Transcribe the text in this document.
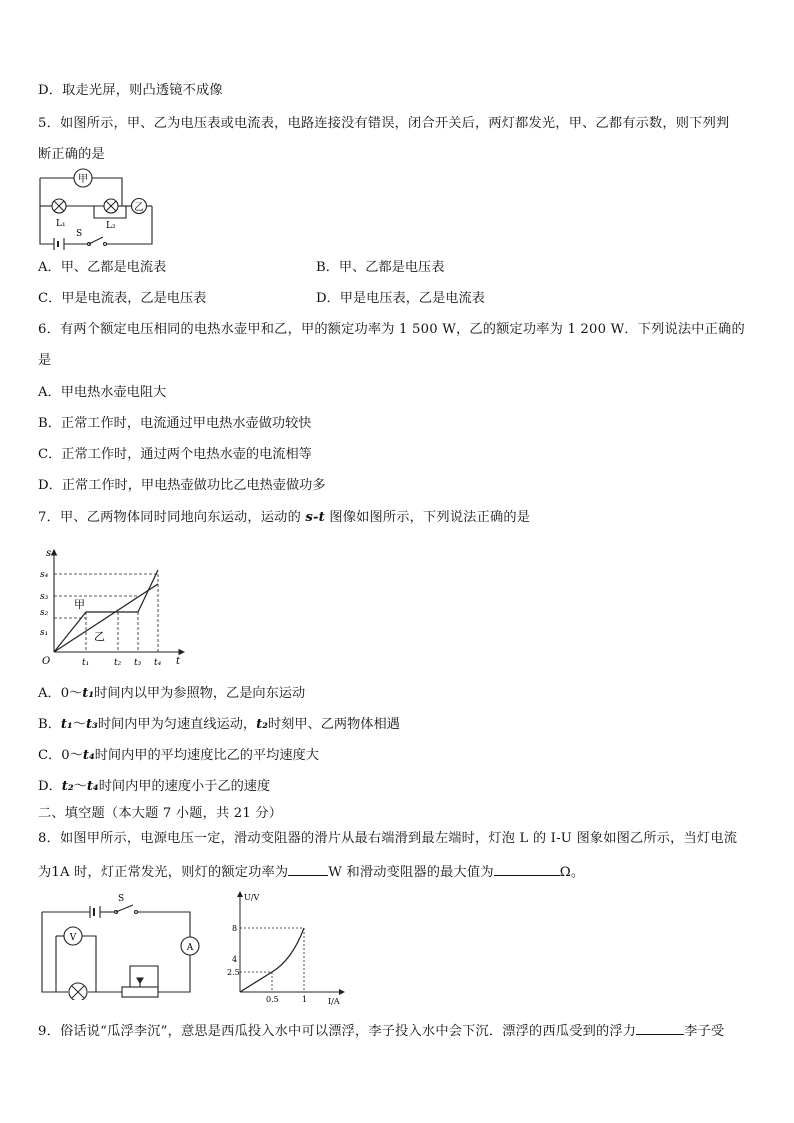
D．取走光屏，则凸透镜不成像
5．如图所示，甲、乙为电压表或电流表，电路连接没有错误，闭合开关后，两灯都发光，甲、乙都有示数，则下列判
断正确的是
甲
L₁	L₂
乙
S
A．甲、乙都是电流表	B．甲、乙都是电压表
C．甲是电流表，乙是电压表	D．甲是电压表，乙是电流表
6．有两个额定电压相同的电热水壶甲和乙，甲的额定功率为 1 500 W，乙的额定功率为 1 200 W．下列说法中正确的
是
A．甲电热水壶电阻大
B．正常工作时，电流通过甲电热水壶做功较快
C．正常工作时，通过两个电热水壶的电流相等
D．正常工作时，甲电热壶做功比乙电热壶做功多
7．甲、乙两物体同时同地向东运动，运动的 s-t 图像如图所示，下列说法正确的是
s
t
O
s₄
s₃
s₂
s₁
t₁	t₂ t₃ t₄
甲
乙
A．0～t₁时间内以甲为参照物，乙是向东运动
B．t₁～t₃时间内甲为匀速直线运动，t₂时刻甲、乙两物体相遇
C．0～t₄时间内甲的平均速度比乙的平均速度大
D．t₂～t₄时间内甲的速度小于乙的速度
二、填空题（本大题 7 小题，共 21 分）
8．如图甲所示，电源电压一定，滑动变阻器的滑片从最右端滑到最左端时，灯泡 L 的 I-U 图象如图乙所示，当灯电流
为1A 时，灯正常发光，则灯的额定功率为	W 和滑动变阻器的最大值为	Ω。
S
V
A
U/V
I/A
8
4
2.5
0.5	1
9．俗话说“瓜浮李沉”，意思是西瓜投入水中可以漂浮，李子投入水中会下沉．漂浮的西瓜受到的浮力	李子受
